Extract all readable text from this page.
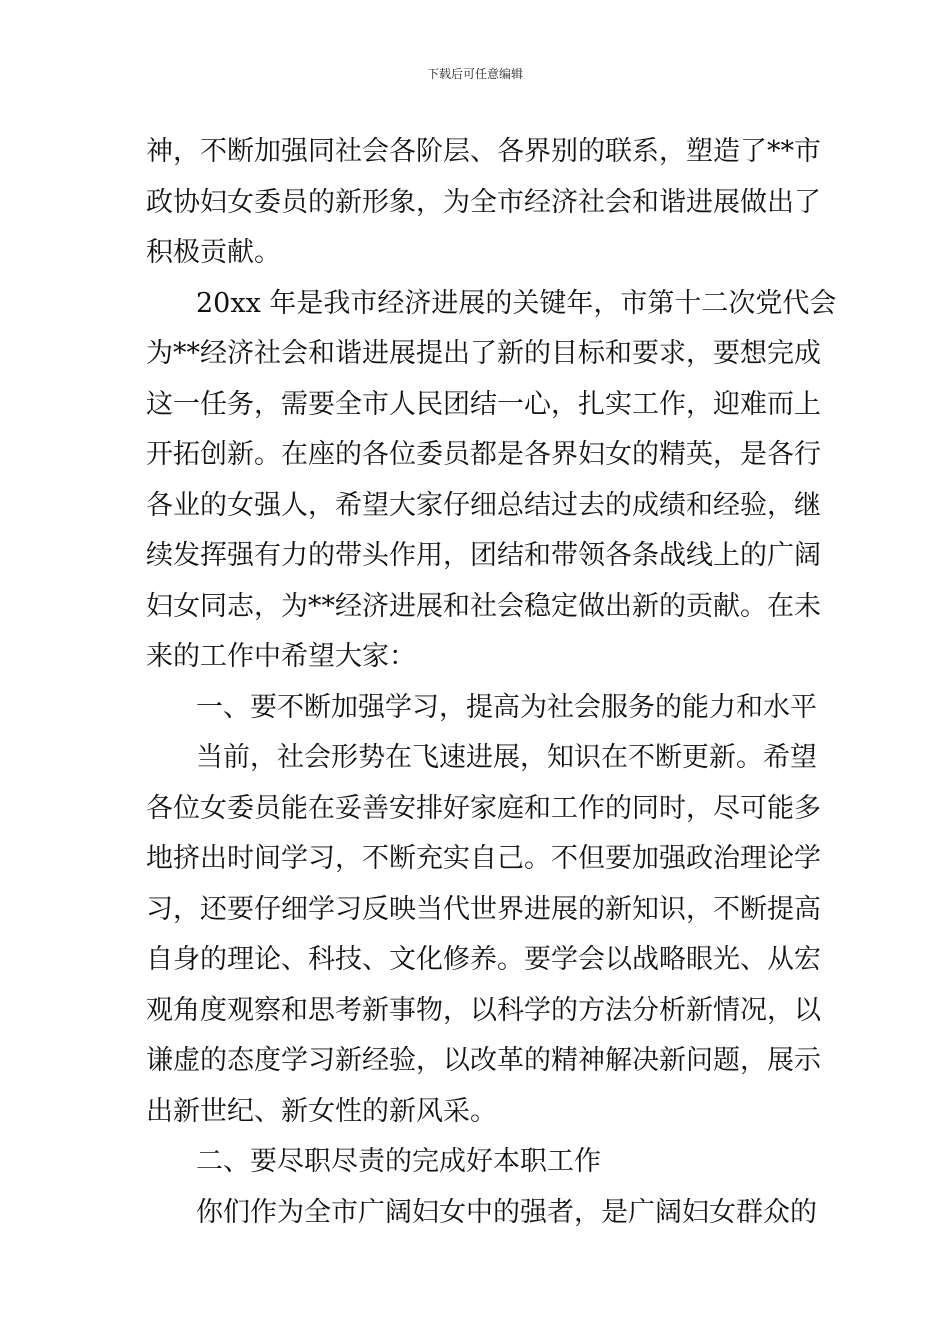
下载后可任意编辑
神，不断加强同社会各阶层、各界别的联系，塑造了**市
政协妇女委员的新形象，为全市经济社会和谐进展做出了
积极贡献。
20xx 年是我市经济进展的关键年，市第十二次党代会
为**经济社会和谐进展提出了新的目标和要求，要想完成
这一任务，需要全市人民团结一心，扎实工作，迎难而上
开拓创新。在座的各位委员都是各界妇女的精英，是各行
各业的女强人，希望大家仔细总结过去的成绩和经验，继
续发挥强有力的带头作用，团结和带领各条战线上的广阔
妇女同志，为**经济进展和社会稳定做出新的贡献。在未
来的工作中希望大家：
一、要不断加强学习，提高为社会服务的能力和水平
当前，社会形势在飞速进展，知识在不断更新。希望
各位女委员能在妥善安排好家庭和工作的同时，尽可能多
地挤出时间学习，不断充实自己。不但要加强政治理论学
习，还要仔细学习反映当代世界进展的新知识，不断提高
自身的理论、科技、文化修养。要学会以战略眼光、从宏
观角度观察和思考新事物，以科学的方法分析新情况，以
谦虚的态度学习新经验，以改革的精神解决新问题，展示
出新世纪、新女性的新风采。
二、要尽职尽责的完成好本职工作
你们作为全市广阔妇女中的强者，是广阔妇女群众的
